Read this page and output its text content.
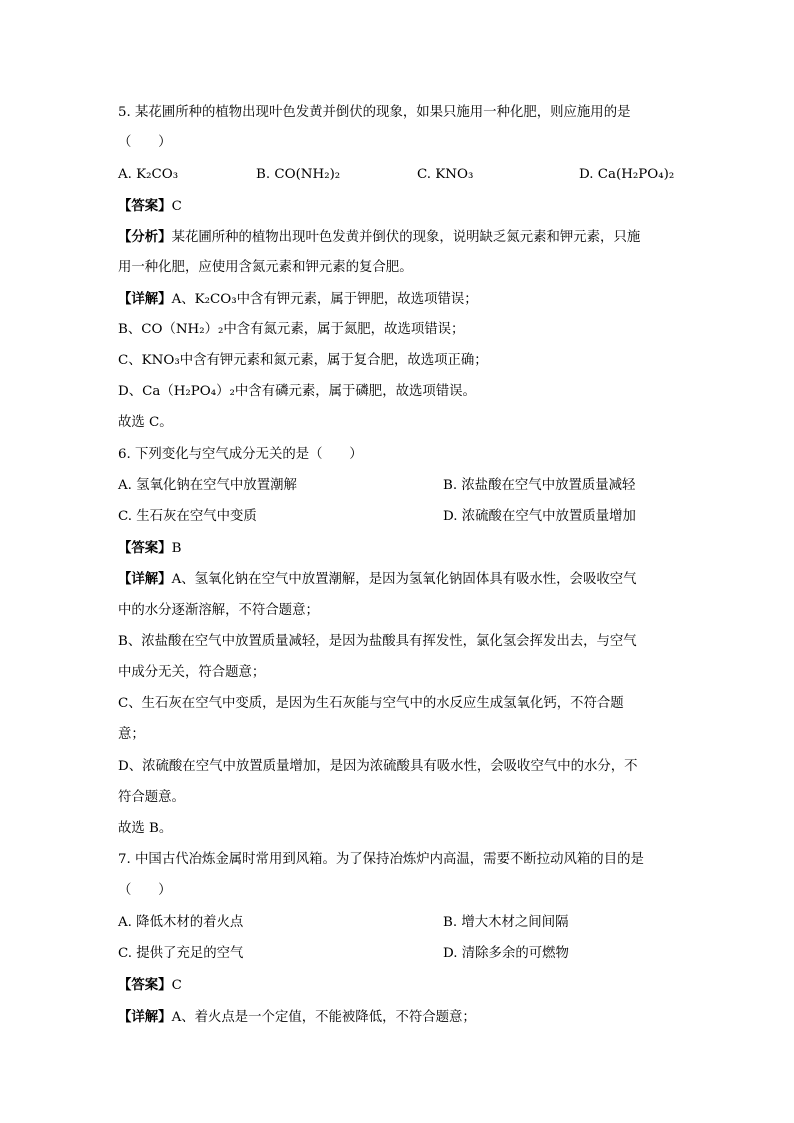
5. 某花圃所种的植物出现叶色发黄并倒伏的现象，如果只施用一种化肥，则应施用的是
（　　）
A. K₂CO₃	B. CO(NH₂)₂	C. KNO₃	D. Ca(H₂PO₄)₂
【答案】C
【分析】某花圃所种的植物出现叶色发黄并倒伏的现象，说明缺乏氮元素和钾元素，只施
用一种化肥，应使用含氮元素和钾元素的复合肥。
【详解】A、K₂CO₃中含有钾元素，属于钾肥，故选项错误；
B、CO（NH₂）₂中含有氮元素，属于氮肥，故选项错误；
C、KNO₃中含有钾元素和氮元素，属于复合肥，故选项正确；
D、Ca（H₂PO₄）₂中含有磷元素，属于磷肥，故选项错误。
故选 C。
6. 下列变化与空气成分无关的是（　　）
A. 氢氧化钠在空气中放置潮解	B. 浓盐酸在空气中放置质量减轻
C. 生石灰在空气中变质	D. 浓硫酸在空气中放置质量增加
【答案】B
【详解】A、氢氧化钠在空气中放置潮解，是因为氢氧化钠固体具有吸水性，会吸收空气
中的水分逐渐溶解，不符合题意；
B、浓盐酸在空气中放置质量减轻，是因为盐酸具有挥发性，氯化氢会挥发出去，与空气
中成分无关，符合题意；
C、生石灰在空气中变质，是因为生石灰能与空气中的水反应生成氢氧化钙，不符合题
意；
D、浓硫酸在空气中放置质量增加，是因为浓硫酸具有吸水性，会吸收空气中的水分，不
符合题意。
故选 B。
7. 中国古代冶炼金属时常用到风箱。为了保持冶炼炉内高温，需要不断拉动风箱的目的是
（　　）
A. 降低木材的着火点	B. 增大木材之间间隔
C. 提供了充足的空气	D. 清除多余的可燃物
【答案】C
【详解】A、着火点是一个定值，不能被降低，不符合题意；
